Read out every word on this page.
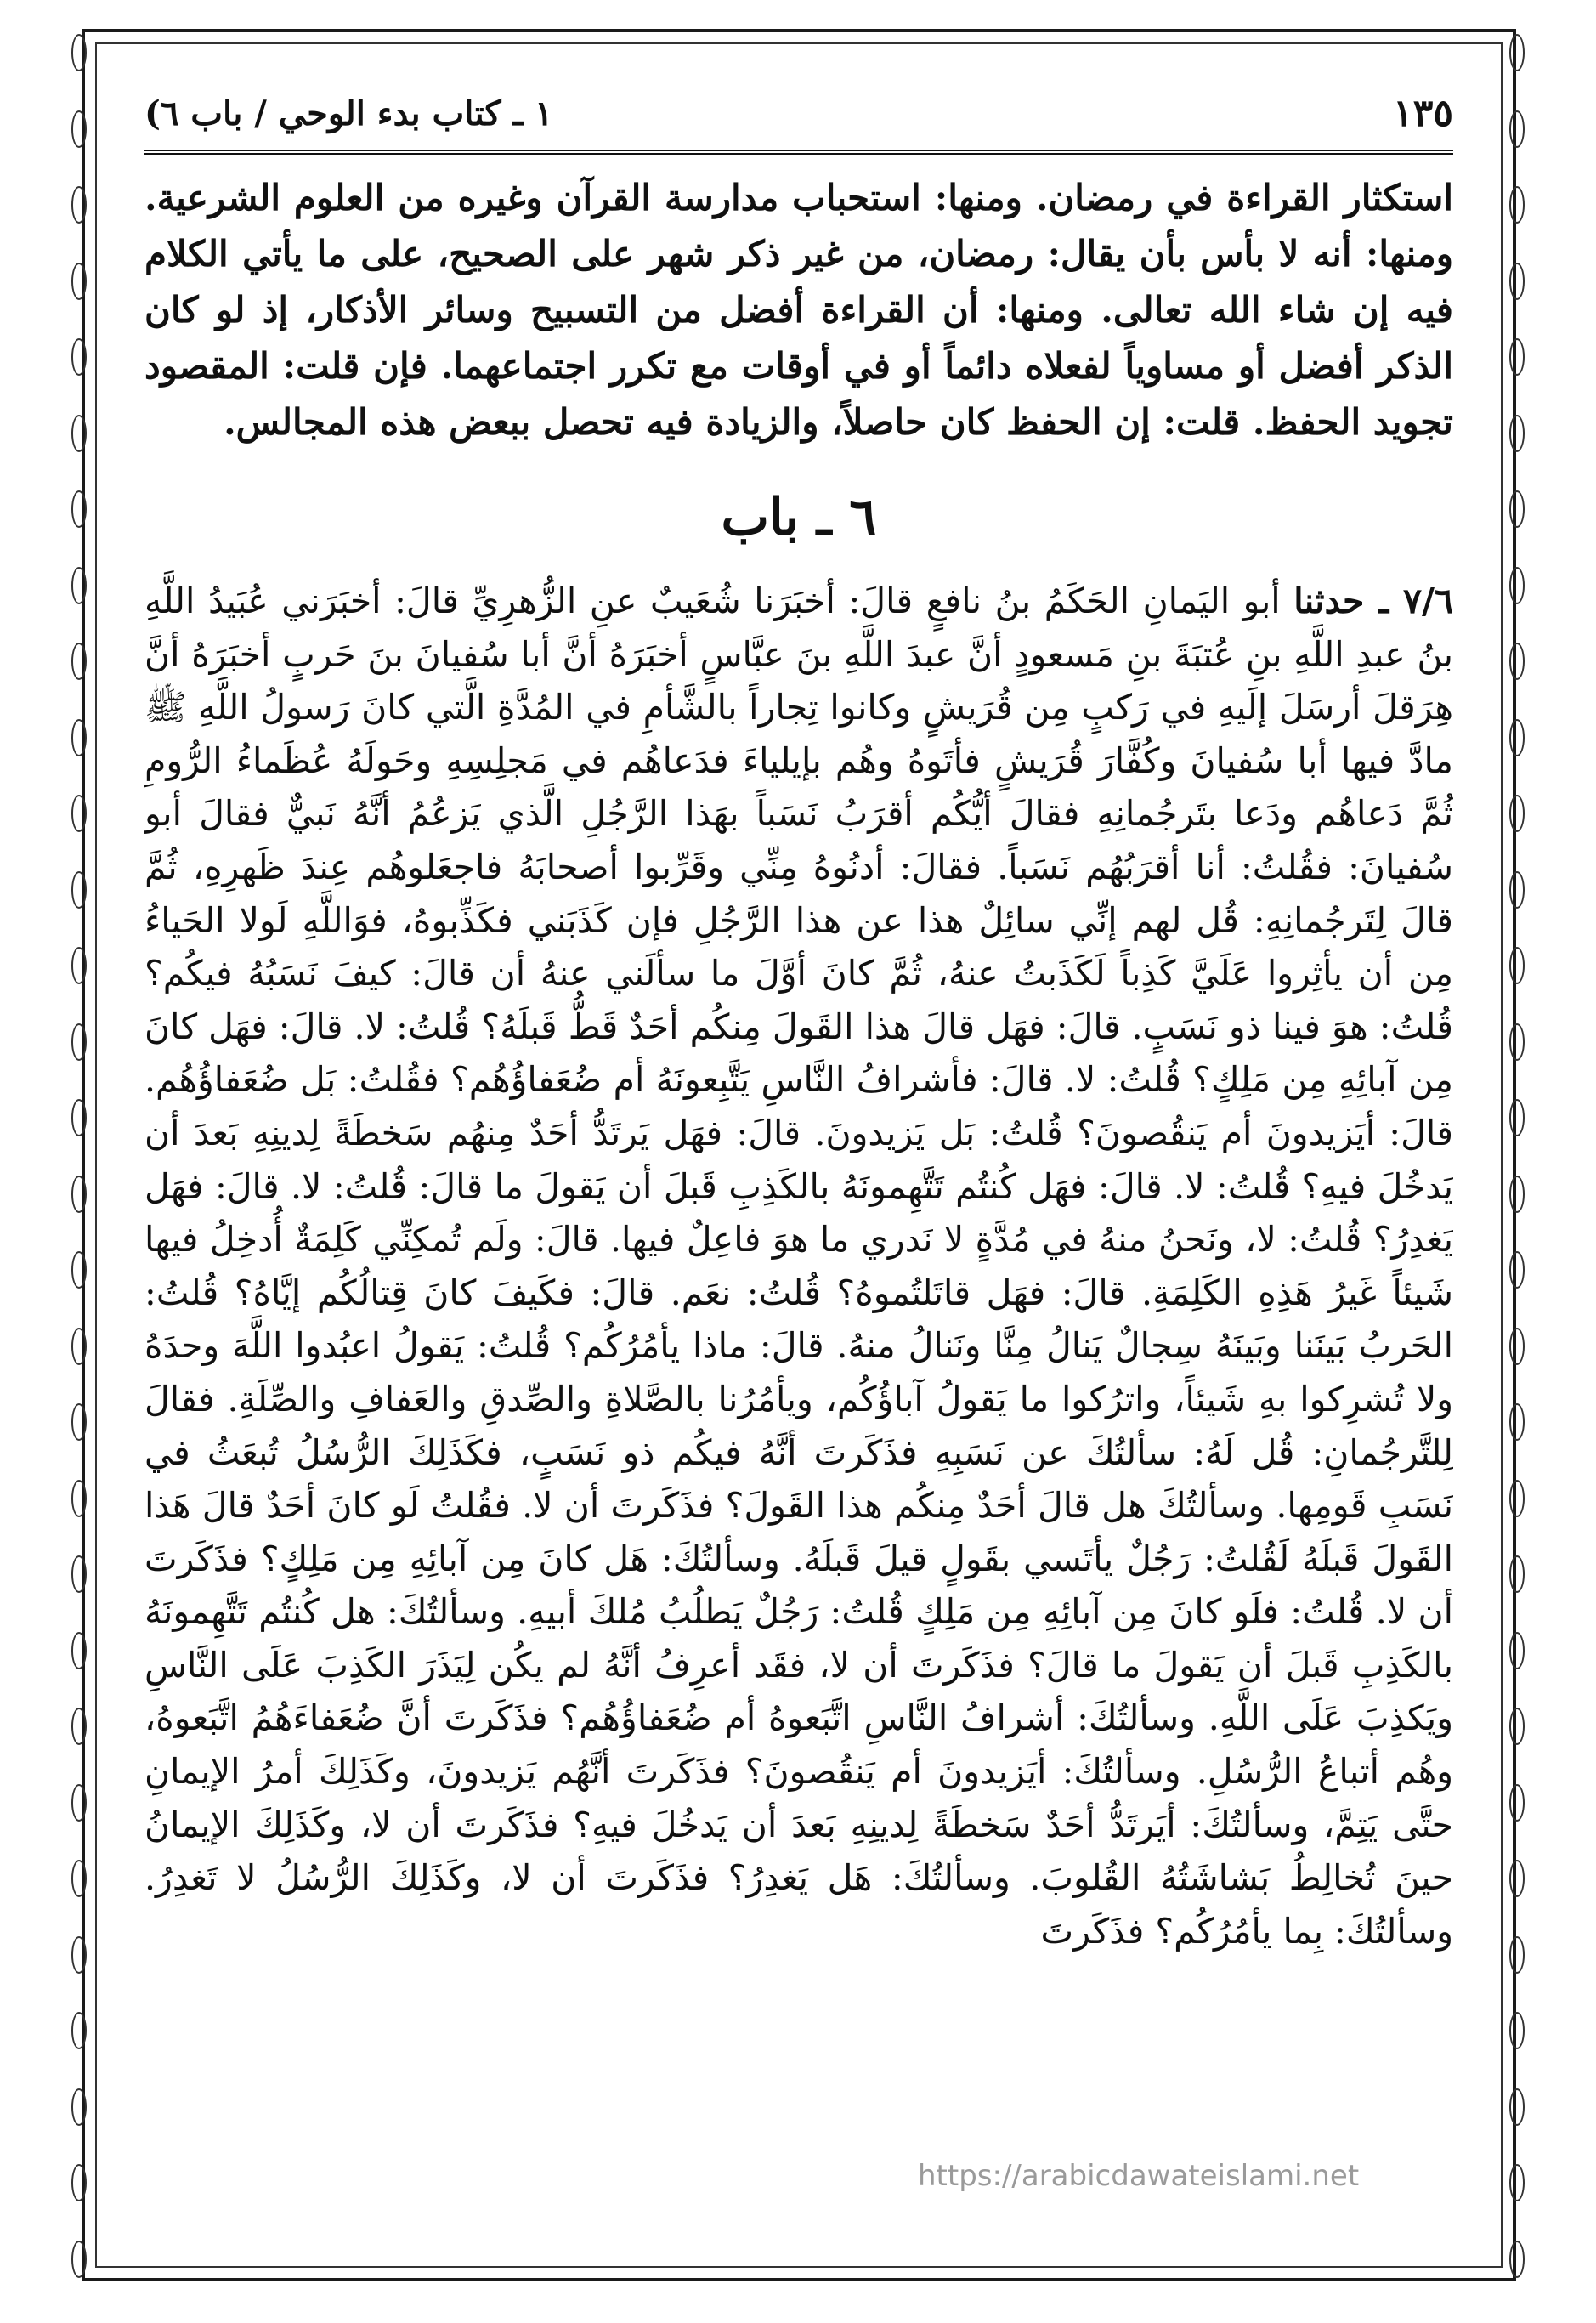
١ ـ كتاب بدء الوحي / باب ٦)	١٣٥

استكثار القراءة في رمضان. ومنها: استحباب مدارسة القرآن وغيره من العلوم الشرعية. ومنها: أنه لا بأس بأن يقال: رمضان، من غير ذكر شهر على الصحيح، على ما يأتي الكلام فيه إن شاء الله تعالى. ومنها: أن القراءة أفضل من التسبيح وسائر الأذكار، إذ لو كان الذكر أفضل أو مساوياً لفعلاه دائماً أو في أوقات مع تكرر اجتماعهما. فإن قلت: المقصود تجويد الحفظ. قلت: إن الحفظ كان حاصلاً، والزيادة فيه تحصل ببعض هذه المجالس.

٦ ـ باب

٧/٦ ـ حدثنا أبو اليَمانِ الحَكَمُ بنُ نافعٍ قالَ: أخبَرَنا شُعَيبٌ عنِ الزُّهرِيِّ قالَ: أخبَرَني عُبَيدُ اللَّهِ بنُ عبدِ اللَّهِ بنِ عُتبَةَ بنِ مَسعودٍ أنَّ عبدَ اللَّهِ بنَ عبَّاسٍ أخبَرَهُ أنَّ أبا سُفيانَ بنَ حَربٍ أخبَرَهُ أنَّ هِرَقلَ أرسَلَ إلَيهِ في رَكبٍ مِن قُرَيشٍ وكانوا تِجاراً بالشَّأمِ في المُدَّةِ الَّتي كانَ رَسولُ اللَّهِ ﷺ مادَّ فيها أبا سُفيانَ وكُفَّارَ قُرَيشٍ فأتَوهُ وهُم بإيلياءَ فدَعاهُم في مَجلِسِهِ وحَولَهُ عُظَماءُ الرُّومِ ثُمَّ دَعاهُم ودَعا بتَرجُمانِهِ فقالَ أيُّكُم أقرَبُ نَسَباً بهَذا الرَّجُلِ الَّذي يَزعُمُ أنَّهُ نَبيٌّ فقالَ أبو سُفيانَ: فقُلتُ: أنا أقرَبُهُم نَسَباً. فقالَ: أدنُوهُ مِنِّي وقَرِّبوا أصحابَهُ فاجعَلوهُم عِندَ ظَهرِهِ، ثُمَّ قالَ لِتَرجُمانِهِ: قُل لهم إنِّي سائِلٌ هذا عن هذا الرَّجُلِ فإن كَذَبَني فكَذِّبوهُ، فوَاللَّهِ لَولا الحَياءُ مِن أن يأثِروا عَلَيَّ كَذِباً لَكَذَبتُ عنهُ، ثُمَّ كانَ أوَّلَ ما سألَني عنهُ أن قالَ: كيفَ نَسَبُهُ فيكُم؟ قُلتُ: هوَ فينا ذو نَسَبٍ. قالَ: فهَل قالَ هذا القَولَ مِنكُم أحَدٌ قَطُّ قَبلَهُ؟ قُلتُ: لا. قالَ: فهَل كانَ مِن آبائِهِ مِن مَلِكٍ؟ قُلتُ: لا. قالَ: فأشرافُ النَّاسِ يَتَّبِعونَهُ أم ضُعَفاؤُهُم؟ فقُلتُ: بَل ضُعَفاؤُهُم. قالَ: أيَزيدونَ أم يَنقُصونَ؟ قُلتُ: بَل يَزيدونَ. قالَ: فهَل يَرتَدُّ أحَدٌ مِنهُم سَخطَةً لِدينِهِ بَعدَ أن يَدخُلَ فيهِ؟ قُلتُ: لا. قالَ: فهَل كُنتُم تَتَّهِمونَهُ بالكَذِبِ قَبلَ أن يَقولَ ما قالَ: قُلتُ: لا. قالَ: فهَل يَغدِرُ؟ قُلتُ: لا، ونَحنُ منهُ في مُدَّةٍ لا نَدري ما هوَ فاعِلٌ فيها. قالَ: ولَم تُمكِنِّي كَلِمَةٌ أُدخِلُ فيها شَيئاً غَيرُ هَذِهِ الكَلِمَةِ. قالَ: فهَل قاتَلتُموهُ؟ قُلتُ: نعَم. قالَ: فكَيفَ كانَ قِتالُكُم إيَّاهُ؟ قُلتُ: الحَربُ بَينَنا وبَينَهُ سِجالٌ يَنالُ مِنَّا ونَنالُ منهُ. قالَ: ماذا يأمُرُكُم؟ قُلتُ: يَقولُ اعبُدوا اللَّهَ وحدَهُ ولا تُشرِكوا بهِ شَيئاً، واترُكوا ما يَقولُ آباؤُكُم، ويأمُرُنا بالصَّلاةِ والصِّدقِ والعَفافِ والصِّلَةِ. فقالَ لِلتَّرجُمانِ: قُل لَهُ: سألتُكَ عن نَسَبِهِ فذَكَرتَ أنَّهُ فيكُم ذو نَسَبٍ، فكَذَلِكَ الرُّسُلُ تُبعَثُ في نَسَبِ قَومِها. وسألتُكَ هل قالَ أحَدٌ مِنكُم هذا القَولَ؟ فذَكَرتَ أن لا. فقُلتُ لَو كانَ أحَدٌ قالَ هَذا القَولَ قَبلَهُ لَقُلتُ: رَجُلٌ يأتَسي بقَولٍ قيلَ قَبلَهُ. وسألتُكَ: هَل كانَ مِن آبائِهِ مِن مَلِكٍ؟ فذَكَرتَ أن لا. قُلتُ: فلَو كانَ مِن آبائِهِ مِن مَلِكٍ قُلتُ: رَجُلٌ يَطلُبُ مُلكَ أبيهِ. وسألتُكَ: هل كُنتُم تَتَّهِمونَهُ بالكَذِبِ قَبلَ أن يَقولَ ما قالَ؟ فذَكَرتَ أن لا، فقَد أعرِفُ أنَّهُ لم يكُن لِيَذَرَ الكَذِبَ عَلَى النَّاسِ ويَكذِبَ عَلَى اللَّهِ. وسألتُكَ: أشرافُ النَّاسِ اتَّبَعوهُ أم ضُعَفاؤُهُم؟ فذَكَرتَ أنَّ ضُعَفاءَهُمُ اتَّبَعوهُ، وهُم أتباعُ الرُّسُلِ. وسألتُكَ: أيَزيدونَ أم يَنقُصونَ؟ فذَكَرتَ أنَّهُم يَزيدونَ، وكَذَلِكَ أمرُ الإيمانِ حتَّى يَتِمَّ، وسألتُكَ: أيَرتَدُّ أحَدٌ سَخطَةً لِدينِهِ بَعدَ أن يَدخُلَ فيهِ؟ فذَكَرتَ أن لا، وكَذَلِكَ الإيمانُ حينَ تُخالِطُ بَشاشَتُهُ القُلوبَ. وسألتُكَ: هَل يَغدِرُ؟ فذَكَرتَ أن لا، وكَذَلِكَ الرُّسُلُ لا تَغدِرُ. وسألتُكَ: بِما يأمُرُكُم؟ فذَكَرتَ

https://arabicdawateislami.net
